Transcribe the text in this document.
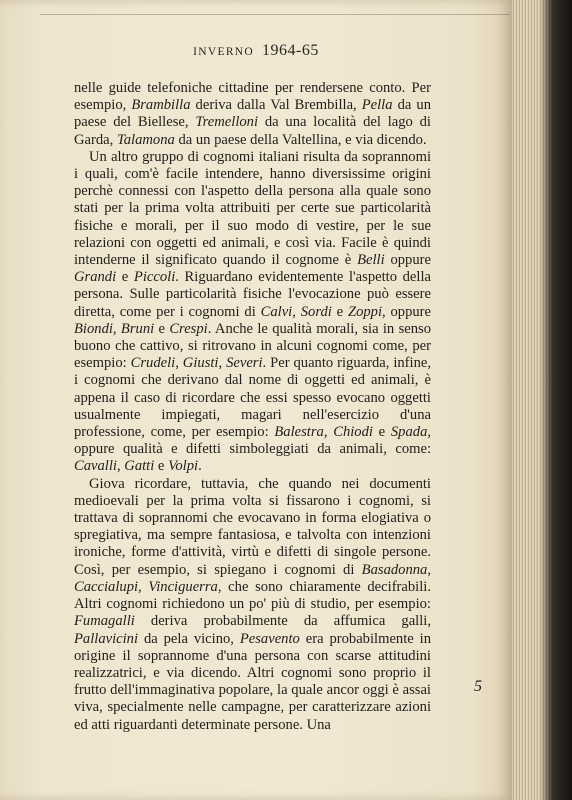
INVERNO 1964-65

nelle guide telefoniche cittadine per rendersene conto. Per esempio, Brambilla deriva dalla Val Brembilla, Pella da un paese del Biellese, Tremelloni da una località del lago di Garda, Talamona da un paese della Valtellina, e via dicendo.

Un altro gruppo di cognomi italiani risulta da soprannomi i quali, com'è facile intendere, hanno diversissime origini perchè connessi con l'aspetto della persona alla quale sono stati per la prima volta attribuiti per certe sue particolarità fisiche e morali, per il suo modo di vestire, per le sue relazioni con oggetti ed animali, e così via. Facile è quindi intenderne il significato quando il cognome è Belli oppure Grandi e Piccoli. Riguardano evidentemente l'aspetto della persona. Sulle particolarità fisiche l'evocazione può essere diretta, come per i cognomi di Calvi, Sordi e Zoppi, oppure Biondi, Bruni e Crespi. Anche le qualità morali, sia in senso buono che cattivo, si ritrovano in alcuni cognomi come, per esempio: Crudeli, Giusti, Severi. Per quanto riguarda, infine, i cognomi che derivano dal nome di oggetti ed animali, è appena il caso di ricordare che essi spesso evocano oggetti usualmente impiegati, magari nell'esercizio d'una professione, come, per esempio: Balestra, Chiodi e Spada, oppure qualità e difetti simboleggiati da animali, come: Cavalli, Gatti e Volpi.

Giova ricordare, tuttavia, che quando nei documenti medioevali per la prima volta si fissarono i cognomi, si trattava di soprannomi che evocavano in forma elogiativa o spregiativa, ma sempre fantasiosa, e talvolta con intenzioni ironiche, forme d'attività, virtù e difetti di singole persone. Così, per esempio, si spiegano i cognomi di Basadonna, Caccialupi, Vinciguerra, che sono chiaramente decifrabili. Altri cognomi richiedono un po' più di studio, per esempio: Fumagalli deriva probabilmente da affumica galli, Pallavicini da pela vicino, Pesavento era probabilmente in origine il soprannome d'una persona con scarse attitudini realizzatrici, e via dicendo. Altri cognomi sono proprio il frutto dell'immaginativa popolare, la quale ancor oggi è assai viva, specialmente nelle campagne, per caratterizzare azioni ed atti riguardanti determinate persone. Una

5
